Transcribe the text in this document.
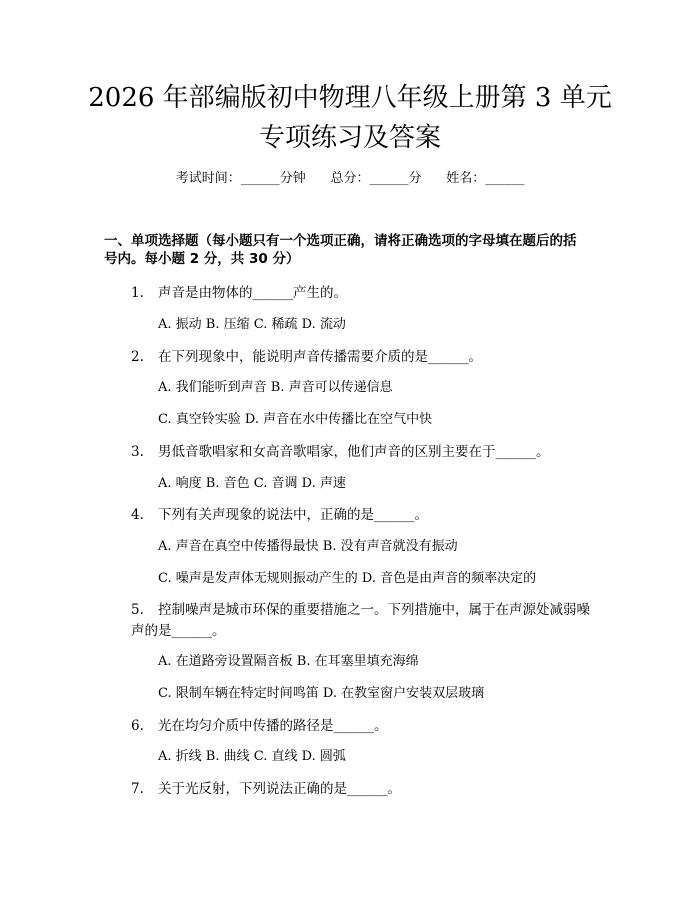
2026 年部编版初中物理八年级上册第 3 单元
专项练习及答案
考试时间：______分钟      总分：______分      姓名：______
一、单项选择题（每小题只有一个选项正确，请将正确选项的字母填在题后的括
号内。每小题 2 分，共 30 分）
1. 声音是由物体的______产生的。
A. 振动 B. 压缩 C. 稀疏 D. 流动
2. 在下列现象中，能说明声音传播需要介质的是______。
A. 我们能听到声音 B. 声音可以传递信息
C. 真空铃实验 D. 声音在水中传播比在空气中快
3. 男低音歌唱家和女高音歌唱家，他们声音的区别主要在于______。
A. 响度 B. 音色 C. 音调 D. 声速
4. 下列有关声现象的说法中，正确的是______。
A. 声音在真空中传播得最快 B. 没有声音就没有振动
C. 噪声是发声体无规则振动产生的 D. 音色是由声音的频率决定的
5. 控制噪声是城市环保的重要措施之一。下列措施中，属于在声源处减弱噪
声的是______。
A. 在道路旁设置隔音板 B. 在耳塞里填充海绵
C. 限制车辆在特定时间鸣笛 D. 在教室窗户安装双层玻璃
6. 光在均匀介质中传播的路径是______。
A. 折线 B. 曲线 C. 直线 D. 圆弧
7. 关于光反射，下列说法正确的是______。
